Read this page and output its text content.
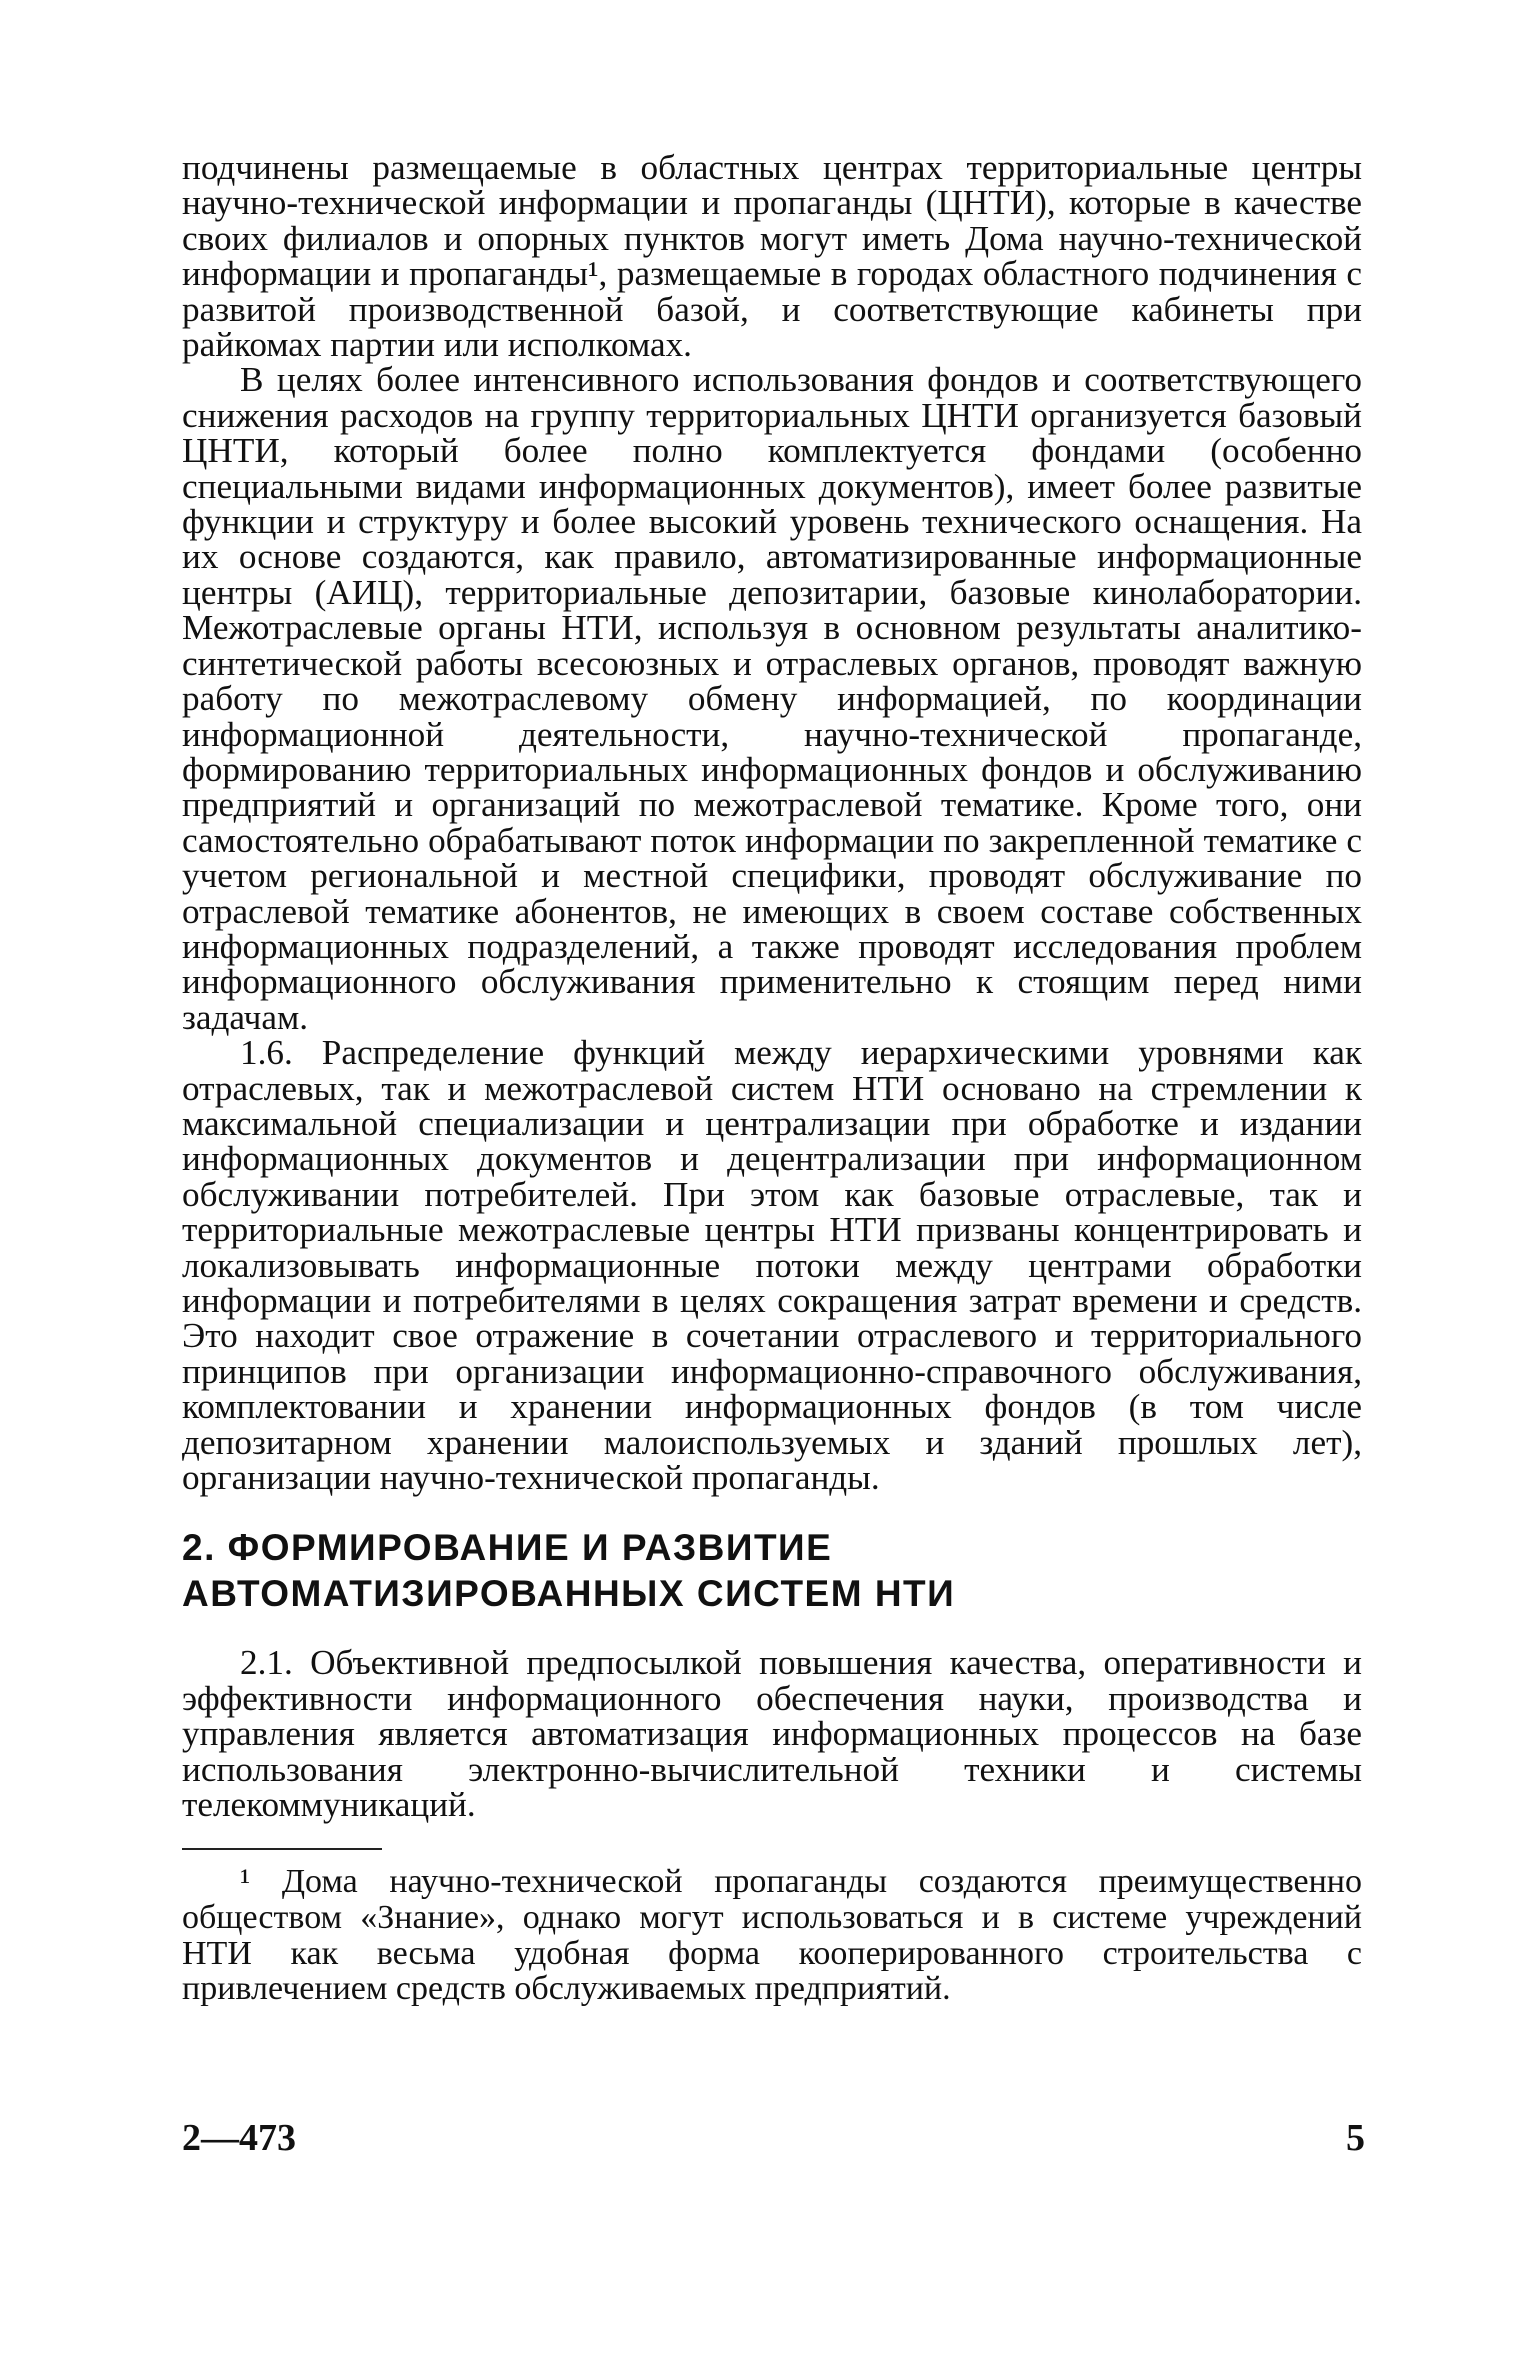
подчинены размещаемые в областных центрах территориальные центры научно-технической информации и пропаганды (ЦНТИ), которые в качестве своих филиалов и опорных пунктов могут иметь Дома научно-технической информации и пропаганды¹, размещаемые в городах областного подчинения с развитой производственной базой, и соответствующие кабинеты при райкомах партии или исполкомах.

В целях более интенсивного использования фондов и соответствующего снижения расходов на группу территориальных ЦНТИ организуется базовый ЦНТИ, который более полно комплектуется фондами (особенно специальными видами информационных документов), имеет более развитые функции и структуру и более высокий уровень технического оснащения. На их основе создаются, как правило, автоматизированные информационные центры (АИЦ), территориальные депозитарии, базовые кинолаборатории. Межотраслевые органы НТИ, используя в основном результаты аналитико-синтетической работы всесоюзных и отраслевых органов, проводят важную работу по межотраслевому обмену информацией, по координации информационной деятельности, научно-технической пропаганде, формированию территориальных информационных фондов и обслуживанию предприятий и организаций по межотраслевой тематике. Кроме того, они самостоятельно обрабатывают поток информации по закрепленной тематике с учетом региональной и местной специфики, проводят обслуживание по отраслевой тематике абонентов, не имеющих в своем составе собственных информационных подразделений, а также проводят исследования проблем информационного обслуживания применительно к стоящим перед ними задачам.

1.6. Распределение функций между иерархическими уровнями как отраслевых, так и межотраслевой систем НТИ основано на стремлении к максимальной специализации и централизации при обработке и издании информационных документов и децентрализации при информационном обслуживании потребителей. При этом как базовые отраслевые, так и территориальные межотраслевые центры НТИ призваны концентрировать и локализовывать информационные потоки между центрами обработки информации и потребителями в целях сокращения затрат времени и средств. Это находит свое отражение в сочетании отраслевого и территориального принципов при организации информационно-справочного обслуживания, комплектовании и хранении информационных фондов (в том числе депозитарном хранении малоиспользуемых и зданий прошлых лет), организации научно-технической пропаганды.

2. ФОРМИРОВАНИЕ И РАЗВИТИЕ
АВТОМАТИЗИРОВАННЫХ СИСТЕМ НТИ

2.1. Объективной предпосылкой повышения качества, оперативности и эффективности информационного обеспечения науки, производства и управления является автоматизация информационных процессов на базе использования электронно-вычислительной техники и системы телекоммуникаций.

¹ Дома научно-технической пропаганды создаются преимущественно обществом «Знание», однако могут использоваться и в системе учреждений НТИ как весьма удобная форма кооперированного строительства с привлечением средств обслуживаемых предприятий.

2—473	5
